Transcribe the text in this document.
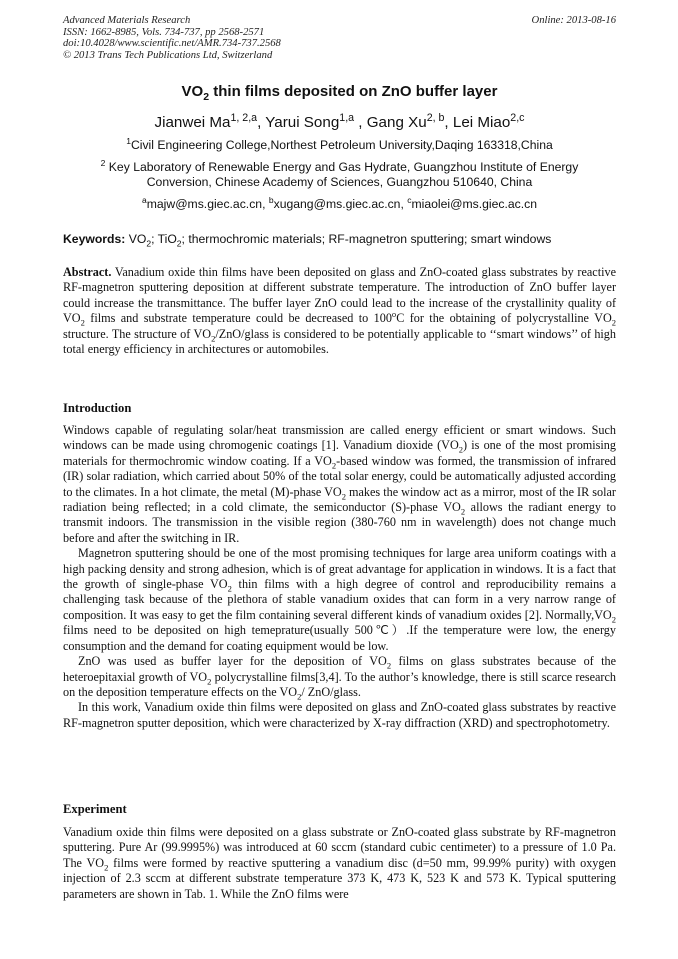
Advanced Materials Research
ISSN: 1662-8985, Vols. 734-737, pp 2568-2571
doi:10.4028/www.scientific.net/AMR.734-737.2568
© 2013 Trans Tech Publications Ltd, Switzerland
Online: 2013-08-16
$VO_2$ thin films deposited on ZnO buffer layer
Jianwei Ma$^{1, 2,a}$, Yarui Song$^{1,a}$ , Gang Xu$^{2, b}$, Lei Miao$^{2,c}$
$^1$Civil Engineering College,Northest Petroleum University,Daqing 163318,China
$^2$ Key Laboratory of Renewable Energy and Gas Hydrate, Guangzhou Institute of Energy
Conversion, Chinese Academy of Sciences, Guangzhou 510640, China
$^a$majw@ms.giec.ac.cn, $^b$xugang@ms.giec.ac.cn, $^c$miaolei@ms.giec.ac.cn
Keywords: $VO_2$; TiO$_2$; thermochromic materials; RF-magnetron sputtering; smart windows

Abstract. Vanadium oxide thin films have been deposited on glass and ZnO-coated glass substrates by reactive RF-magnetron sputtering deposition at different substrate temperature. The introduction of ZnO buffer layer could increase the transmittance. The buffer layer ZnO could lead to the increase of the crystallinity quality of $VO_2$ films and substrate temperature could be decreased to 100$^o$C for the obtaining of polycrystalline $VO_2$ structure. The structure of $VO_2/ZnO$/glass is considered to be potentially applicable to ‘‘smart windows’’ of high total energy efficiency in architectures or automobiles.

Introduction

Windows capable of regulating solar/heat transmission are called energy efficient or smart windows. Such windows can be made using chromogenic coatings [1]. Vanadium dioxide $(VO_2)$ is one of the most promising materials for thermochromic window coating. If a $VO_2$-based window was formed, the transmission of infrared (IR) solar radiation, which carried about 50% of the total solar energy, could be automatically adjusted according to the climates. In a hot climate, the metal (M)-phase $VO_2$ makes the window act as a mirror, most of the IR solar radiation being reflected; in a cold climate, the semiconductor (S)-phase $VO_2$ allows the radiant energy to transmit indoors. The transmission in the visible region (380-760 nm in wavelength) does not change much before and after the switching in IR.

Magnetron sputtering should be one of the most promising techniques for large area uniform coatings with a high packing density and strong adhesion, which is of great advantage for application in windows. It is a fact that the growth of single-phase $VO_2$ thin films with a high degree of control and reproducibility remains a challenging task because of the plethora of stable vanadium oxides that can form in a very narrow range of composition. It was easy to get the film containing several different kinds of vanadium oxides [2]. $Normally,VO_2$ films need to be deposited on high temeprature(usually 500℃）.If the temperature were low, the energy consumption and the demand for coating equipment would be low.

ZnO was used as buffer layer for the deposition of $VO_2$ films on glass substrates because of the heteroepitaxial growth of $VO_2$ polycrystalline films[3,4]. To the author’s knowledge, there is still scarce research on the deposition temperature effects on the $VO_2/$ ZnO/glass.

In this work, Vanadium oxide thin films were deposited on glass and ZnO-coated glass substrates by reactive RF-magnetron sputter deposition, which were characterized by X-ray diffraction (XRD) and spectrophotometry.

Experiment

Vanadium oxide thin films were deposited on a glass substrate or ZnO-coated glass substrate by RF-magnetron sputtering. Pure Ar (99.9995%) was introduced at 60 sccm (standard cubic centimeter) to a pressure of 1.0 Pa. The $VO_2$ films were formed by reactive sputtering a vanadium disc (d=50 mm, 99.99% purity) with oxygen injection of 2.3 sccm at different substrate temperature 373 K, 473 K, 523 K and 573 K. Typical sputtering parameters are shown in Tab. 1. While the ZnO films were
